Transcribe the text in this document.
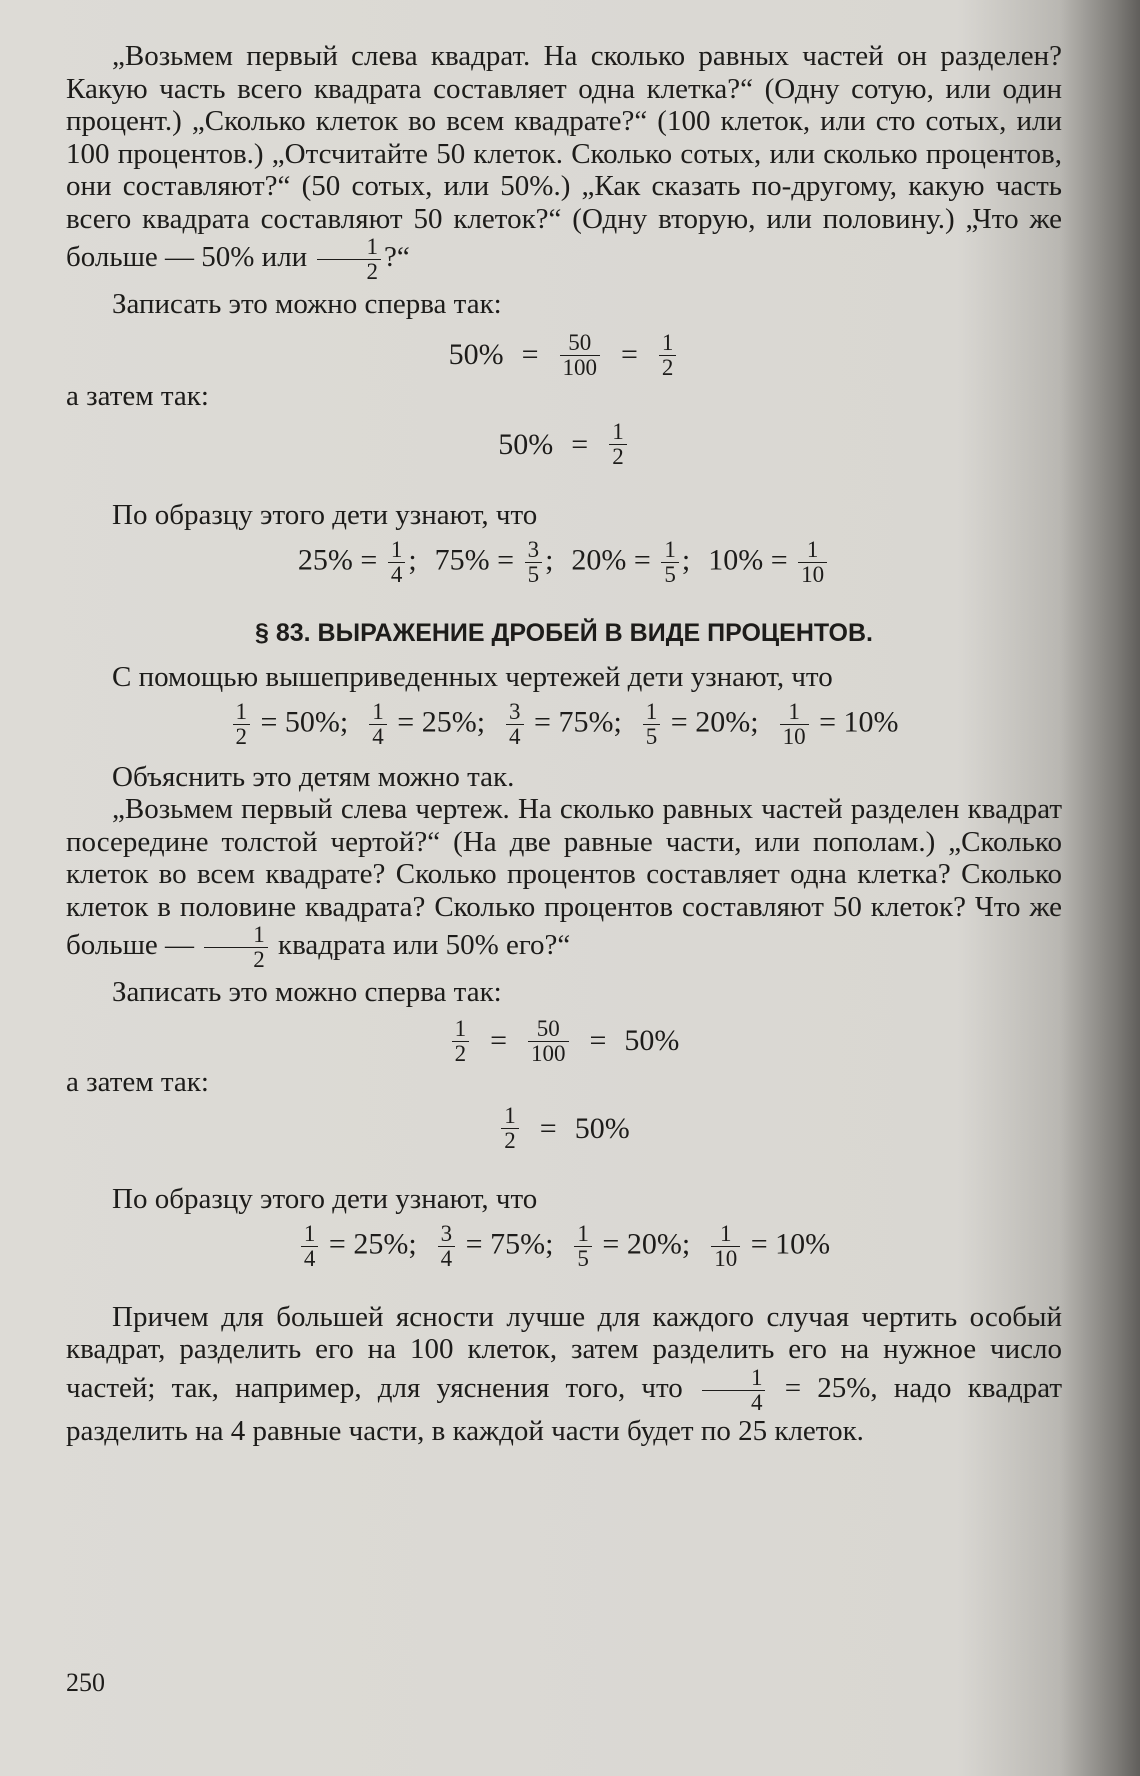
„Возьмем первый слева квадрат. На сколько равных частей он разделен? Какую часть всего квадрата составляет одна клетка?“ (Одну сотую, или один процент.) „Сколько клеток во всем квадрате?“ (100 клеток, или сто сотых, или 100 процентов.) „Отсчитайте 50 клеток. Сколько сотых, или сколько процентов, они составляют?“ (50 сотых, или 50%.) „Как сказать по-другому, какую часть всего квадрата составляют 50 клеток?“ (Одну вторую, или половину.) „Что же больше — 50% или $\frac{1}{2}$ ?“

Записать это можно сперва так:

$50\% = \frac{50}{100} = \frac{1}{2}$

а затем так:

$50\% = \frac{1}{2}$

По образцу этого дети узнают, что

$25\% = \frac{1}{4}$ ; $75\% = \frac{3}{5}$ ; $20\% = \frac{1}{5}$ ; $10\% = \frac{1}{10}$

§ 83. ВЫРАЖЕНИЕ ДРОБЕЙ В ВИДЕ ПРОЦЕНТОВ.

С помощью вышеприведенных чертежей дети узнают, что

$\frac{1}{2} = 50\%$; $\frac{1}{4} = 25\%$; $\frac{3}{4} = 75\%$; $\frac{1}{5} = 20\%$; $\frac{1}{10} = 10\%$

Объяснить это детям можно так.

„Возьмем первый слева чертеж. На сколько равных частей разделен квадрат посередине толстой чертой?“ (На две равные части, или пополам.) „Сколько клеток во всем квадрате? Сколько процентов составляет одна клетка? Сколько клеток в половине квадрата? Сколько процентов составляют 50 клеток? Что же больше — $\frac{1}{2}$ квадрата или 50% его?“

Записать это можно сперва так:

$\frac{1}{2} = \frac{50}{100} = 50\%$

а затем так:

$\frac{1}{2} = 50\%$

По образцу этого дети узнают, что

$\frac{1}{4} = 25\%$; $\frac{3}{4} = 75\%$; $\frac{1}{5} = 20\%$; $\frac{1}{10} = 10\%$

Причем для большей ясности лучше для каждого случая чертить особый квадрат, разделить его на 100 клеток, затем разделить его на нужное число частей; так, например, для уяснения того, что $\frac{1}{4} = 25\%$, надо квадрат разделить на 4 равные части, в каждой части будет по 25 клеток.

250
